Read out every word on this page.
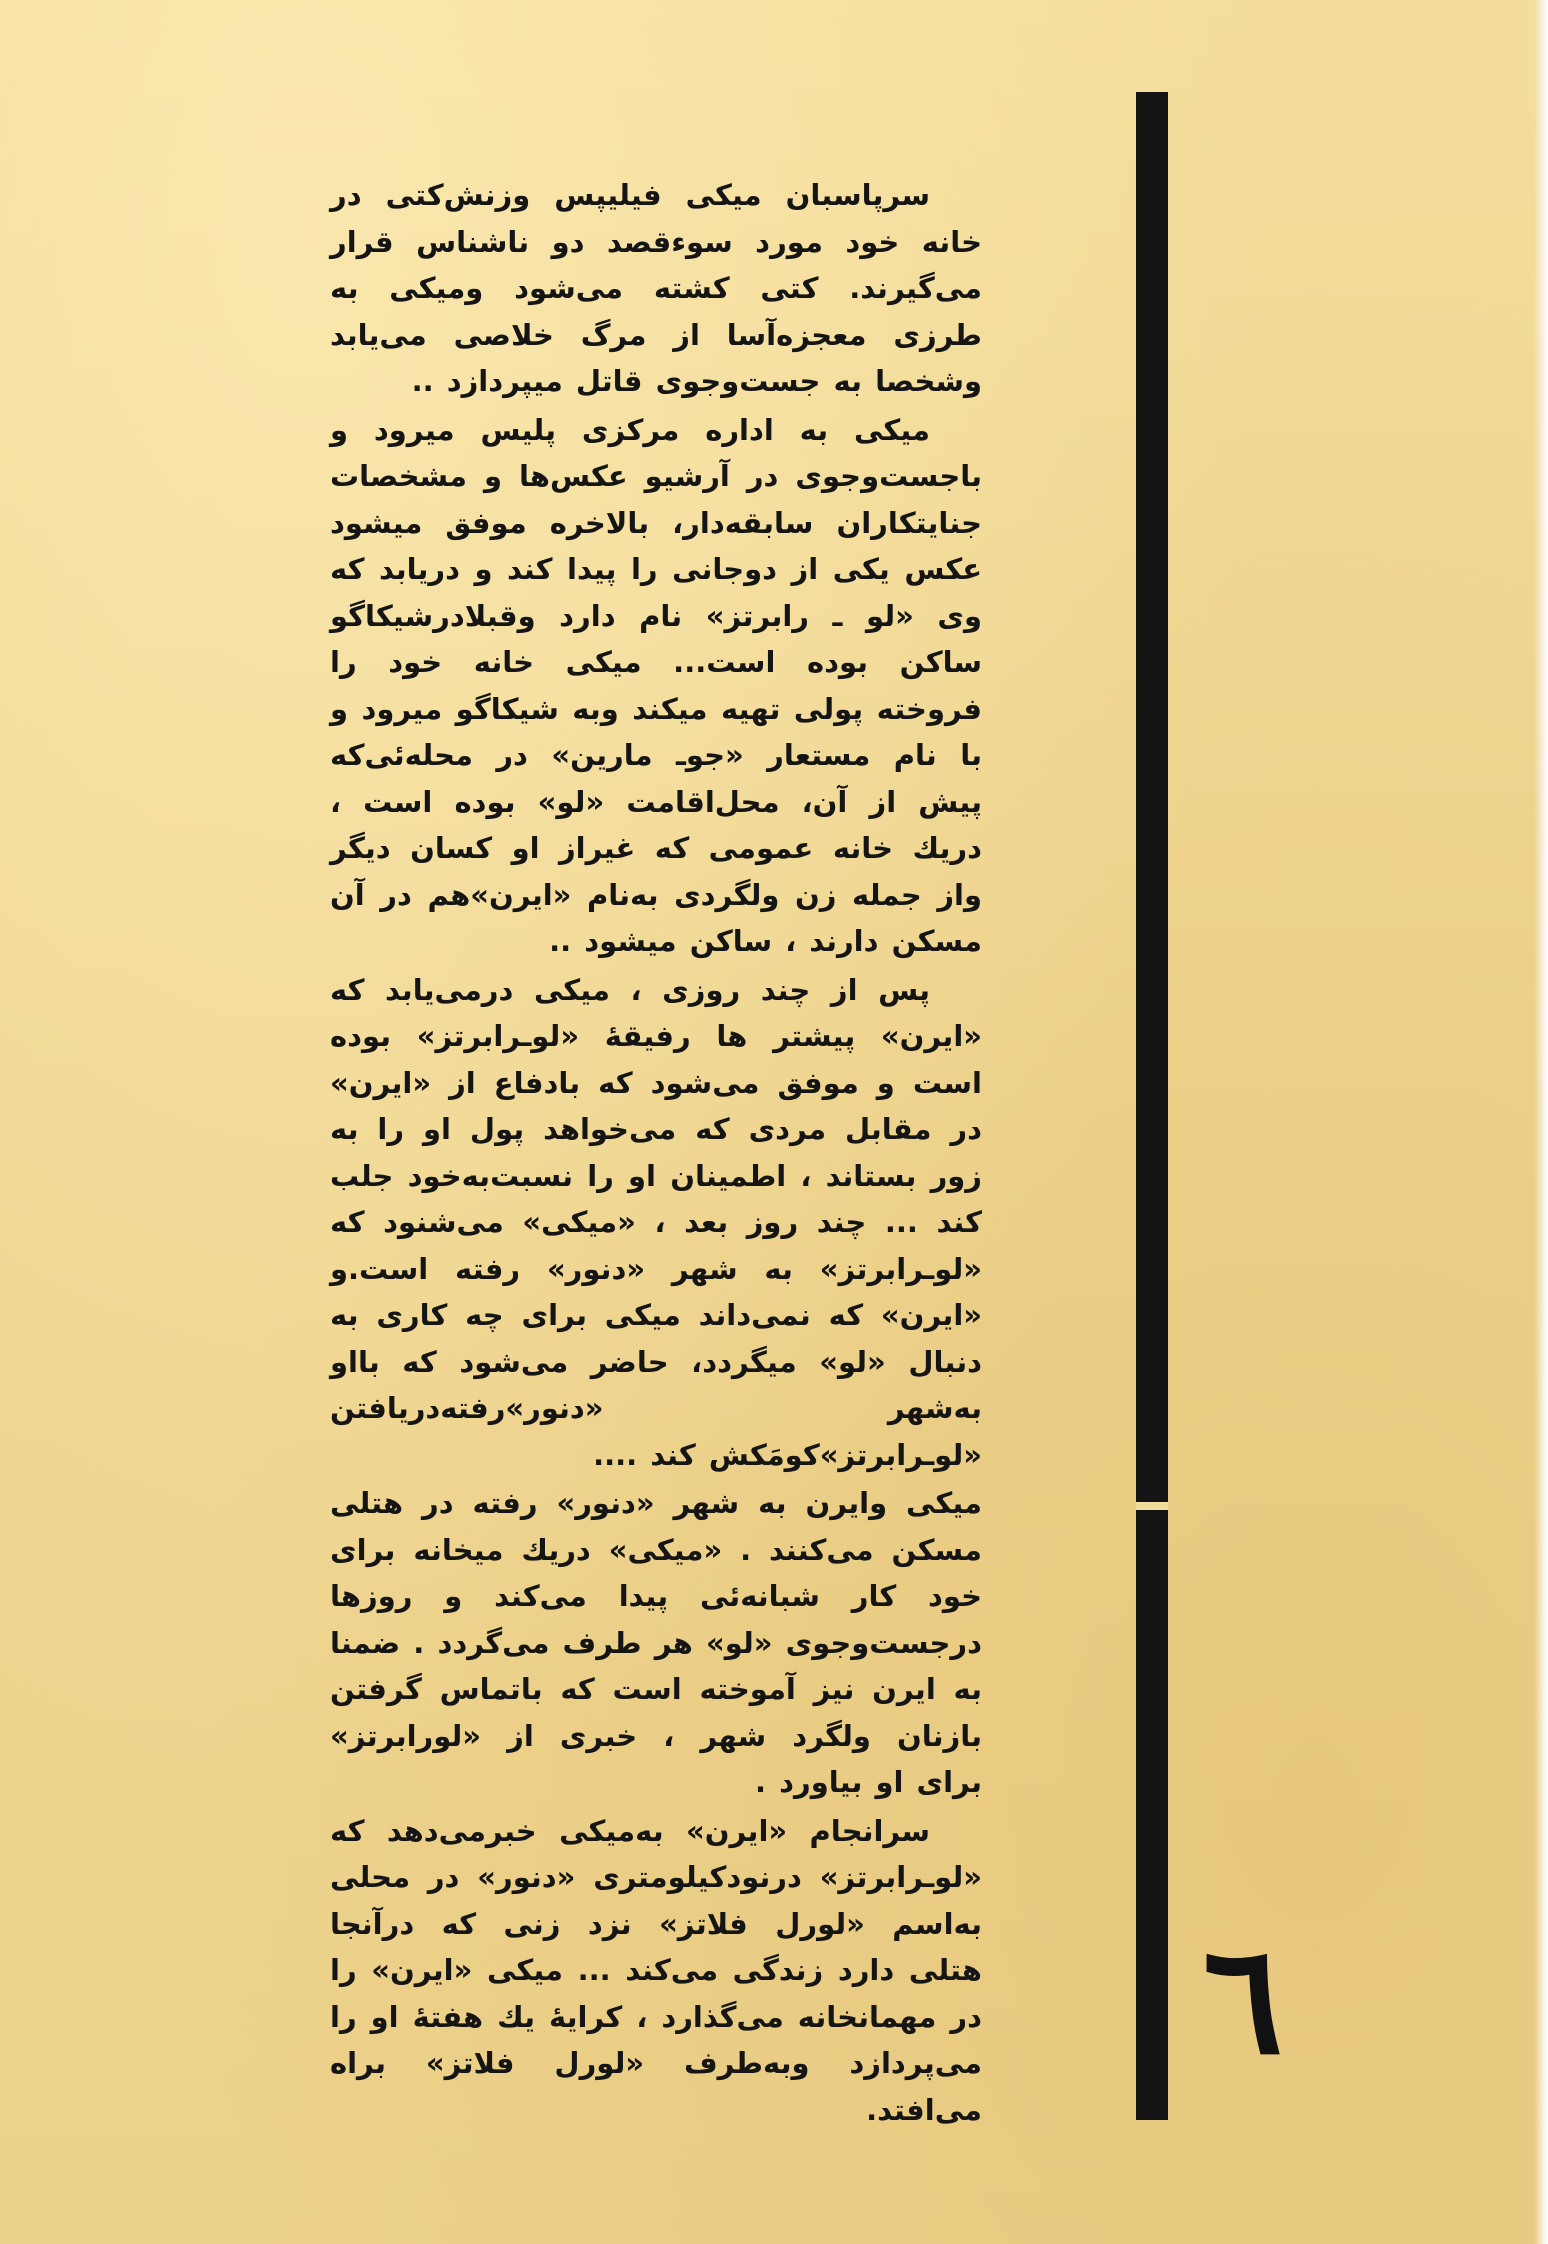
سرپاسبان میکی فیلیپس وزنش‌کتی در خانه خود مورد سوءقصد دو ناشناس قرار می‌گیرند. کتی کشته می‌شود ومیکی به طرزی معجزه‌آسا از مرگ خلاصی می‌یابد وشخصا به جست‌وجوی قاتل میپردازد ..

میکی به اداره مرکزی پلیس میرود و باجست‌وجوی در آرشیو عکس‌ها و مشخصات جنایتکاران سابقه‌دار، بالاخره موفق میشود عکس یکی از دوجانی را پیدا کند و دریابد که وی «لو ـ رابرتز» نام دارد وقبلادرشیکاگو ساکن بوده است... میکی خانه خود را فروخته پولی تهیه میکند وبه شیکاگو میرود و با نام مستعار «جوـ مارین» در محله‌ئی‌که پیش از آن، محل‌اقامت «لو» بوده است ، دریك خانه عمومی که غیراز او کسان دیگر واز جمله زن ولگردی به‌نام «ایرن»هم در آن مسکن دارند ، ساکن میشود ..

پس از چند روزی ، میکی درمی‌یابد که «ایرن» پیشتر ها رفیقهٔ «لوـرابرتز» بوده است و موفق می‌شود که بادفاع از «ایرن» در مقابل مردی که می‌خواهد پول او را به زور بستاند ، اطمینان او را نسبت‌به‌خود جلب کند ... چند روز بعد ، «میکی» می‌شنود که «لوـرابرتز» به شهر «دنور» رفته است.و «ایرن» که نمی‌داند میکی برای چه کاری به دنبال «لو» میگردد، حاضر می‌شود که بااو به‌شهر «دنور»رفته‌دریافتن «لوـرابرتز»کومَکش کند ....

میکی وایرن به شهر «دنور» رفته در هتلی مسکن می‌کنند . «میکی» دریك میخانه برای خود کار شبانه‌ئی پیدا می‌کند و روزها درجست‌وجوی «لو» هر طرف می‌گردد . ضمنا به ایرن نیز آموخته است که باتماس گرفتن بازنان ولگرد شهر ، خبری از «لورابرتز» برای او بیاورد .

سرانجام «ایرن» به‌میکی خبرمی‌دهد که «لوـرابرتز» درنودکیلومتری «دنور» در محلی به‌اسم «لورل فلاتز» نزد زنی که درآنجا هتلی دارد زندگی می‌کند ... میکی «ایرن» را در مهمانخانه می‌گذارد ، کرایهٔ یك هفتهٔ او را می‌پردازد وبه‌طرف «لورل فلاتز» براه می‌افتد.

٦
